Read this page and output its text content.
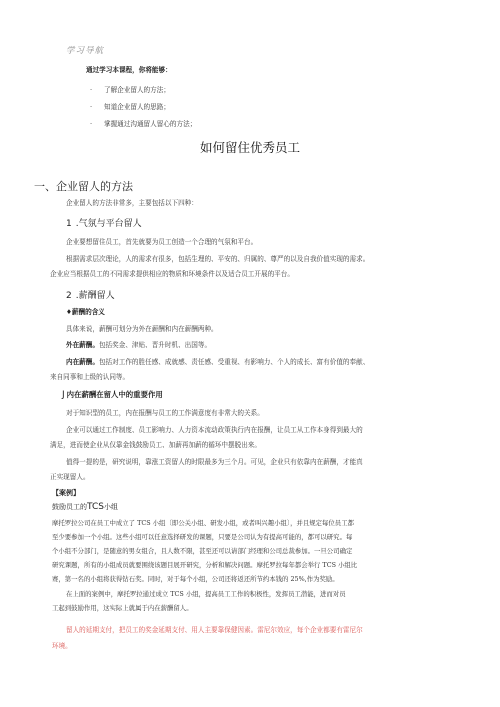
学习导航
通过学习本课程，你将能够：
· 了解企业留人的方法；
· 知道企业留人的思路；
· 掌握通过沟通留人留心的方法；
如何留住优秀员工
一、企业留人的方法
企业留人的方法非常多，主要包括以下四种：
1 .气氛与平台留人
企业要想留住员工，首先就要为员工创造一个合理的气氛和平台。
根据需求层次理论，人的需求有很多，包括生理的、平安的、归属的、尊严的以及自我价值实现的需求。
企业应当根据员工的不同需求提供相应的物质和环境条件以及适合员工开展的平台。
2 .薪酬留人
♦薪酬的含义
具体来说，薪酬可划分为外在薪酬和内在薪酬两种。
外在薪酬。包括奖金、津贴、晋升时机、出国等。
内在薪酬。包括对工作的胜任感、成就感、责任感、受重视、有影响力、个人的成长、富有价值的奉献、
来自同事和上级的认同等。
J 内在薪酬在留人中的重要作用
对于知识型的员工，内在报酬与员工的工作满意度有非常大的关系。
企业可以通过工作制度、员工影响力、人力资本流动政策执行内在报酬，让员工从工作本身得到最大的
满足，进而使企业从仅靠金钱鼓励员工、加薪再加薪的循环中摆脱出来。
值得一提的是，研究说明，靠涨工资留人的时限最多为三个月。可见，企业只有依靠内在薪酬，才能真
正实现留人。
【案例】
鼓励员工的TCS小组
摩托罗拉公司在员工中成立了 TCS 小组〔即公关小组、研发小组，或者叫兴趣小组〕，并且规定每位员工都
至少要参加一个小组。这些小组可以任意选择研发的课题，只要是公司认为有提高可能的，都可以研究。每
个小组不分部门，是随意的男女组合，且人数不限，甚至还可以请部门经理和公司总裁参加。一旦公司确定
研究课题，所有的小组成员就要围绕该题目展开研究，分析和解决问题。摩托罗拉每年都会举行 TCS 小组比
赛，第一名的小组将获得钻石奖。同时，对于每个小组，公司还将返还所节约本钱的 25%,作为奖励。
在上面的案例中，摩托罗拉通过成立 TCS 小组，提高员工工作的积极性，发挥员工潜能，进而对员
工起到鼓励作用，这实际上就属于内在薪酬留人。
留人的延期支付，把员工的奖金延期支付、用人主要靠保健因素。雷尼尔效应，每个企业都要有雷尼尔
环境。
